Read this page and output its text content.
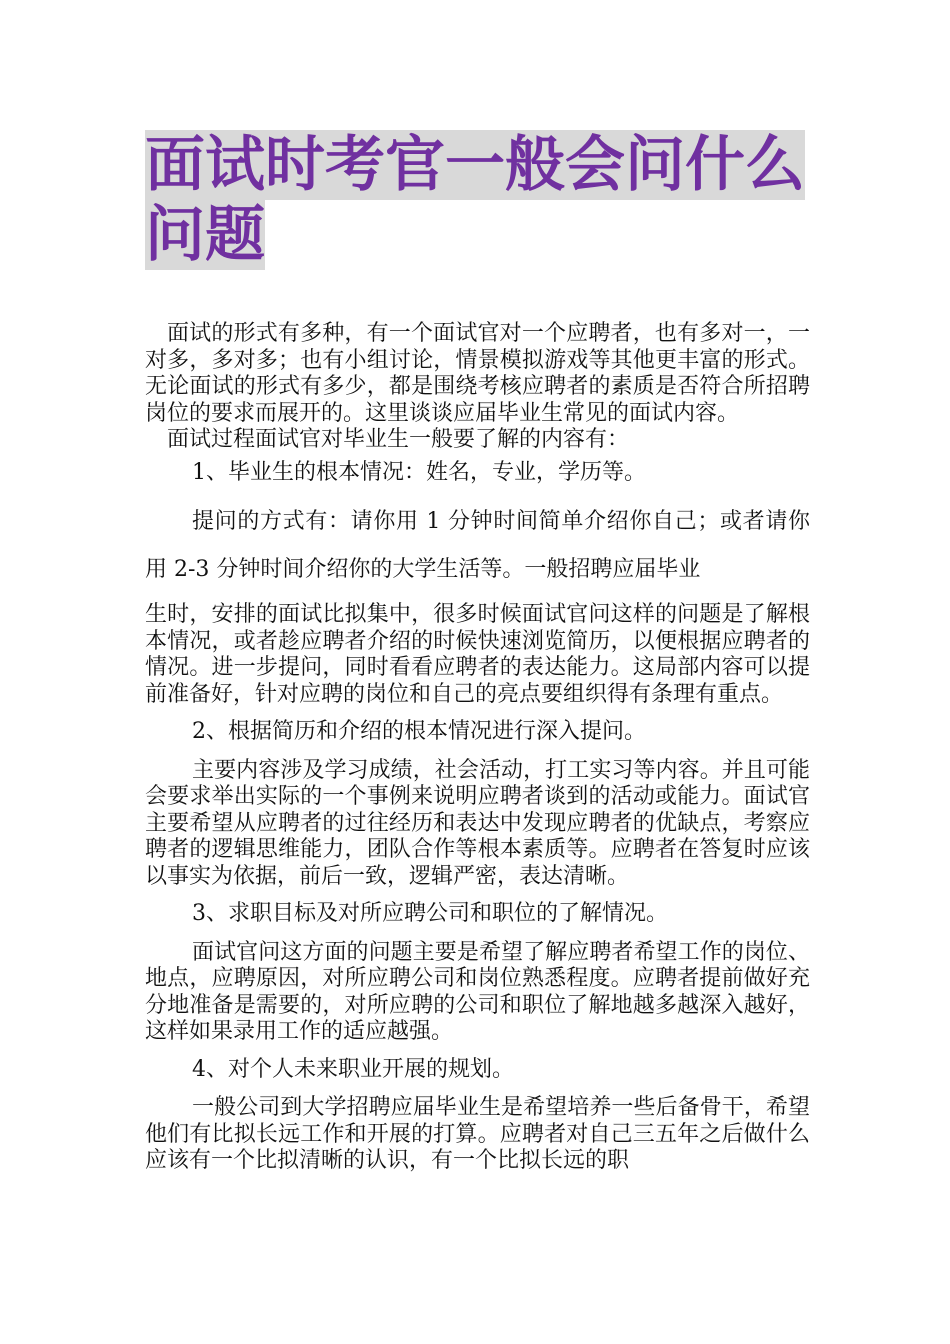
面试时考官一般会问什么
问题

面试的形式有多种，有一个面试官对一个应聘者，也有多对一，一对多，多对多；也有小组讨论，情景模拟游戏等其他更丰富的形式。无论面试的形式有多少，都是围绕考核应聘者的素质是否符合所招聘岗位的要求而展开的。这里谈谈应届毕业生常见的面试内容。

面试过程面试官对毕业生一般要了解的内容有：

1、毕业生的根本情况：姓名，专业，学历等。

提问的方式有：请你用 1 分钟时间简单介绍你自己；或者请你用 2-3 分钟时间介绍你的大学生活等。一般招聘应届毕业

生时，安排的面试比拟集中，很多时候面试官问这样的问题是了解根本情况，或者趁应聘者介绍的时候快速浏览简历，以便根据应聘者的情况。进一步提问，同时看看应聘者的表达能力。这局部内容可以提前准备好，针对应聘的岗位和自己的亮点要组织得有条理有重点。

2、根据简历和介绍的根本情况进行深入提问。

主要内容涉及学习成绩，社会活动，打工实习等内容。并且可能会要求举出实际的一个事例来说明应聘者谈到的活动或能力。面试官主要希望从应聘者的过往经历和表达中发现应聘者的优缺点，考察应聘者的逻辑思维能力，团队合作等根本素质等。应聘者在答复时应该以事实为依据，前后一致，逻辑严密，表达清晰。

3、求职目标及对所应聘公司和职位的了解情况。

面试官问这方面的问题主要是希望了解应聘者希望工作的岗位、地点，应聘原因，对所应聘公司和岗位熟悉程度。应聘者提前做好充分地准备是需要的，对所应聘的公司和职位了解地越多越深入越好，这样如果录用工作的适应越强。

4、对个人未来职业开展的规划。

一般公司到大学招聘应届毕业生是希望培养一些后备骨干，希望他们有比拟长远工作和开展的打算。应聘者对自己三五年之后做什么应该有一个比拟清晰的认识，有一个比拟长远的职
